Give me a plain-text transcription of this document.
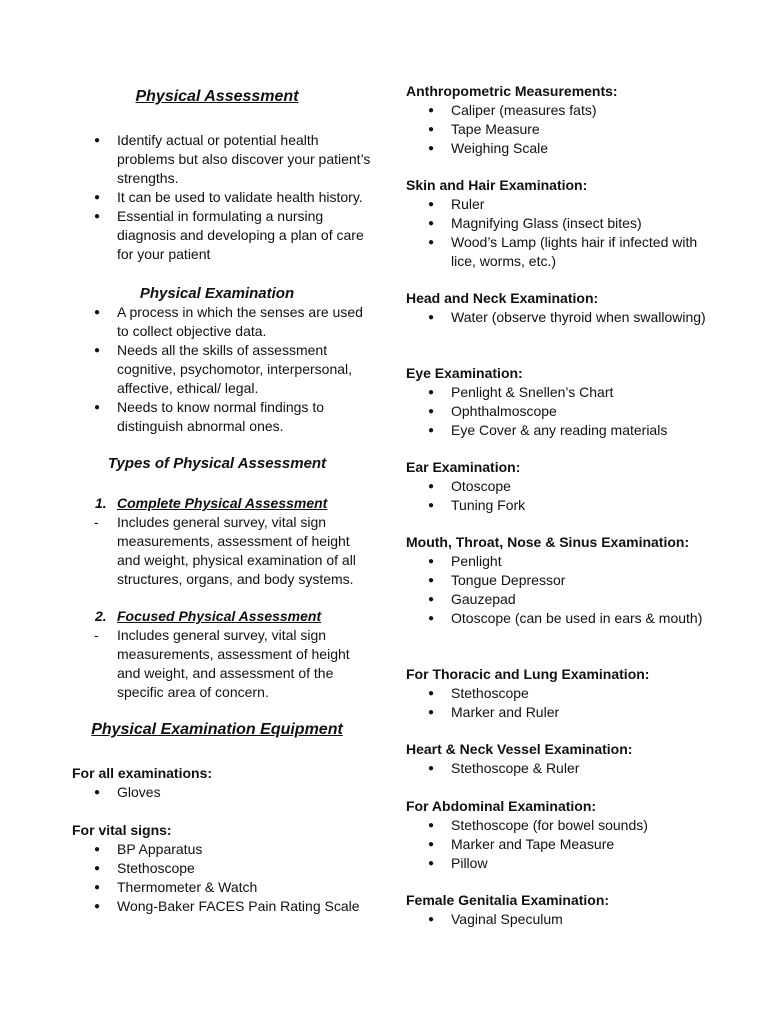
Physical Assessment
● Identify actual or potential health problems but also discover your patient’s strengths.
● It can be used to validate health history.
● Essential in formulating a nursing diagnosis and developing a plan of care for your patient
Physical Examination
● A process in which the senses are used to collect objective data.
● Needs all the skills of assessment cognitive, psychomotor, interpersonal, affective, ethical/ legal.
● Needs to know normal findings to distinguish abnormal ones.
Types of Physical Assessment

1. Complete Physical Assessment

- Includes general survey, vital sign measurements, assessment of height and weight, physical examination of all structures, organs, and body systems.

2. Focused Physical Assessment

- Includes general survey, vital sign measurements, assessment of height and weight, and assessment of the specific area of concern.

Physical Examination Equipment

For all examinations:

● Gloves

For vital signs:

● BP Apparatus
● Stethoscope
● Thermometer & Watch
● Wong-Baker FACES Pain Rating Scale

Anthropometric Measurements:

● Caliper (measures fats)
● Tape Measure
● Weighing Scale

Skin and Hair Examination:

● Ruler
● Magnifying Glass (insect bites)
● Wood’s Lamp (lights hair if infected with lice, worms, etc.)

Head and Neck Examination:

● Water (observe thyroid when swallowing)

Eye Examination:

● Penlight & Snellen’s Chart
● Ophthalmoscope
● Eye Cover & any reading materials

Ear Examination:

● Otoscope
● Tuning Fork

Mouth, Throat, Nose & Sinus Examination:

● Penlight
● Tongue Depressor
● Gauzepad
● Otoscope (can be used in ears & mouth)

For Thoracic and Lung Examination:

● Stethoscope
● Marker and Ruler

Heart & Neck Vessel Examination:

● Stethoscope & Ruler

For Abdominal Examination:

● Stethoscope (for bowel sounds)
● Marker and Tape Measure
● Pillow

Female Genitalia Examination:

● Vaginal Speculum
